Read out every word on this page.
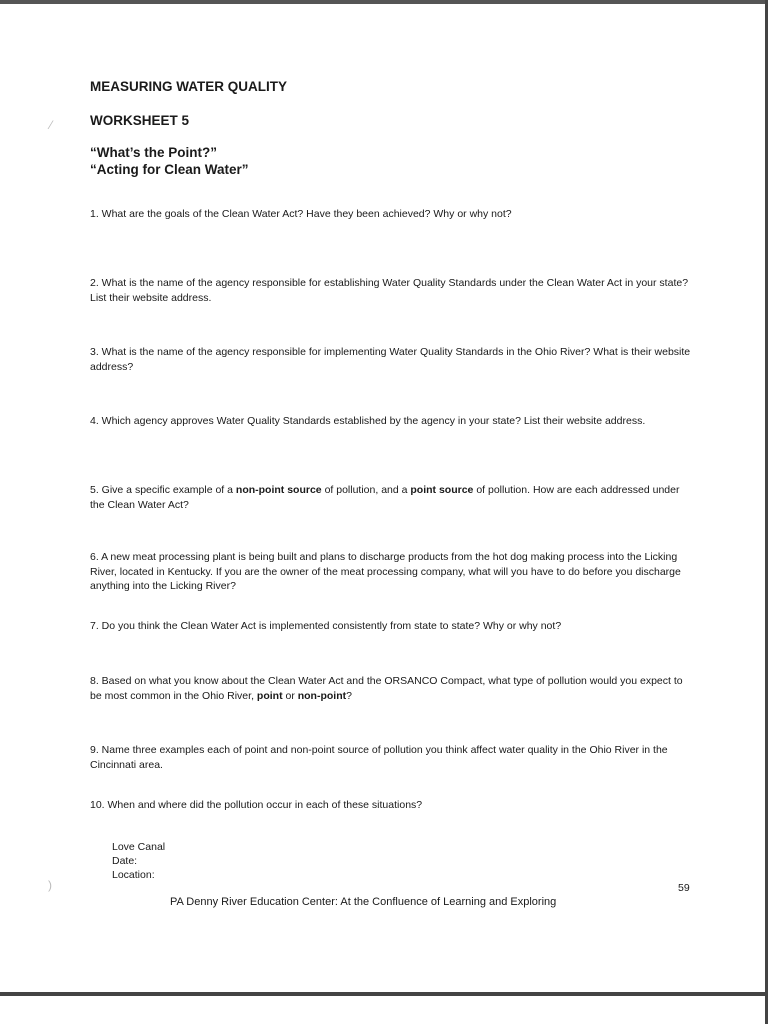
⁄
)

MEASURING WATER QUALITY

WORKSHEET 5

“What’s the Point?”

“Acting for Clean Water”

1. What are the goals of the Clean Water Act? Have they been achieved? Why or why not?

2. What is the name of the agency responsible for establishing Water Quality Standards under the Clean Water Act in your state? List their website address.

3. What is the name of the agency responsible for implementing Water Quality Standards in the Ohio River? What is their website address?

4. Which agency approves Water Quality Standards established by the agency in your state? List their website address.

5. Give a specific example of a non-point source of pollution, and a point source of pollution. How are each addressed under the Clean Water Act?

6. A new meat processing plant is being built and plans to discharge products from the hot dog making process into the Licking River, located in Kentucky. If you are the owner of the meat processing company, what will you have to do before you discharge anything into the Licking River?

7. Do you think the Clean Water Act is implemented consistently from state to state? Why or why not?

8. Based on what you know about the Clean Water Act and the ORSANCO Compact, what type of pollution would you expect to be most common in the Ohio River, point or non-point?

9. Name three examples each of point and non-point source of pollution you think affect water quality in the Ohio River in the Cincinnati area.

10. When and where did the pollution occur in each of these situations?

Love Canal
Date:
Location:
59
PA Denny River Education Center: At the Confluence of Learning and Exploring
